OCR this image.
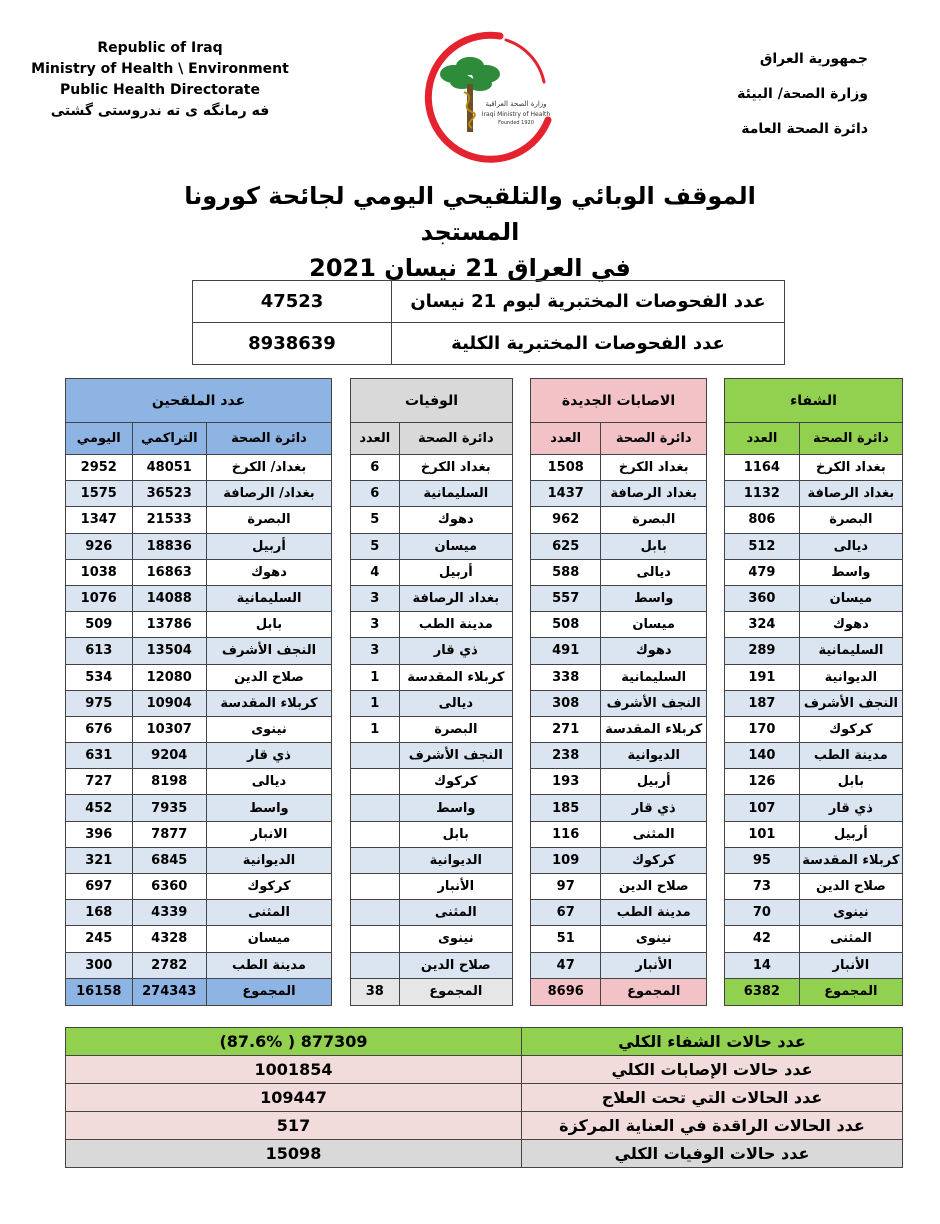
Republic of Iraq
Ministry of Health \ Environment
Public Health Directorate
فه رمانگه ى ته ندروستى گشتى	وزارة الصحة العراقية
Iraqi Ministry of Health
Founded 1920
جمهورية العراق
وزارة الصحة/ البيئة
دائرة الصحة العامة
الموقف الوبائي والتلقيحي اليومي لجائحة كورونا المستجد
في العراق 21 نيسان 2021
عدد الفحوصات المختبرية ليوم 21 نيسان	47523
عدد الفحوصات المختبرية الكلية	8938639
الشفاء	
دائرة الصحة	العدد
بغداد الكرخ	1164
بغداد الرصافة	1132
البصرة	806
ديالى	512
واسط	479
ميسان	360
دهوك	324
السليمانية	289
الديوانية	191
النجف الأشرف	187
كركوك	170
مدينة الطب	140
بابل	126
ذي قار	107
أربيل	101
كربلاء المقدسة	95
صلاح الدين	73
نينوى	70
المثنى	42
الأنبار	14
المجموع	6382
الاصابات الجديدة	
دائرة الصحة	العدد
بغداد الكرخ	1508
بغداد الرصافة	1437
البصرة	962
بابل	625
ديالى	588
واسط	557
ميسان	508
دهوك	491
السليمانية	338
النجف الأشرف	308
كربلاء المقدسة	271
الديوانية	238
أربيل	193
ذي قار	185
المثنى	116
كركوك	109
صلاح الدين	97
مدينة الطب	67
نينوى	51
الأنبار	47
المجموع	8696
الوفيات	
دائرة الصحة	العدد
بغداد الكرخ	6
السليمانية	6
دهوك	5
ميسان	5
أربيل	4
بغداد الرصافة	3
مدينة الطب	3
ذي قار	3
كربلاء المقدسة	1
ديالى	1
البصرة	1
النجف الأشرف	
كركوك	
واسط	
بابل	
الديوانية	
الأنبار	
المثنى	
نينوى	
صلاح الدين	
المجموع	38
عدد الملقحين		
دائرة الصحة	التراكمي	اليومي
بغداد/ الكرخ	48051	2952
بغداد/ الرصافة	36523	1575
البصرة	21533	1347
أربيل	18836	926
دهوك	16863	1038
السليمانية	14088	1076
بابل	13786	509
النجف الأشرف	13504	613
صلاح الدين	12080	534
كربلاء المقدسة	10904	975
نينوى	10307	676
ذي قار	9204	631
ديالى	8198	727
واسط	7935	452
الانبار	7877	396
الديوانية	6845	321
كركوك	6360	697
المثنى	4339	168
ميسان	4328	245
مدينة الطب	2782	300
المجموع	274343	16158
عدد حالات الشفاء الكلي	(87.6% ) 877309
عدد حالات الإصابات الكلي	1001854
عدد الحالات التي تحت العلاج	109447
عدد الحالات الراقدة في العناية المركزة	517
عدد حالات الوفيات الكلي	15098
